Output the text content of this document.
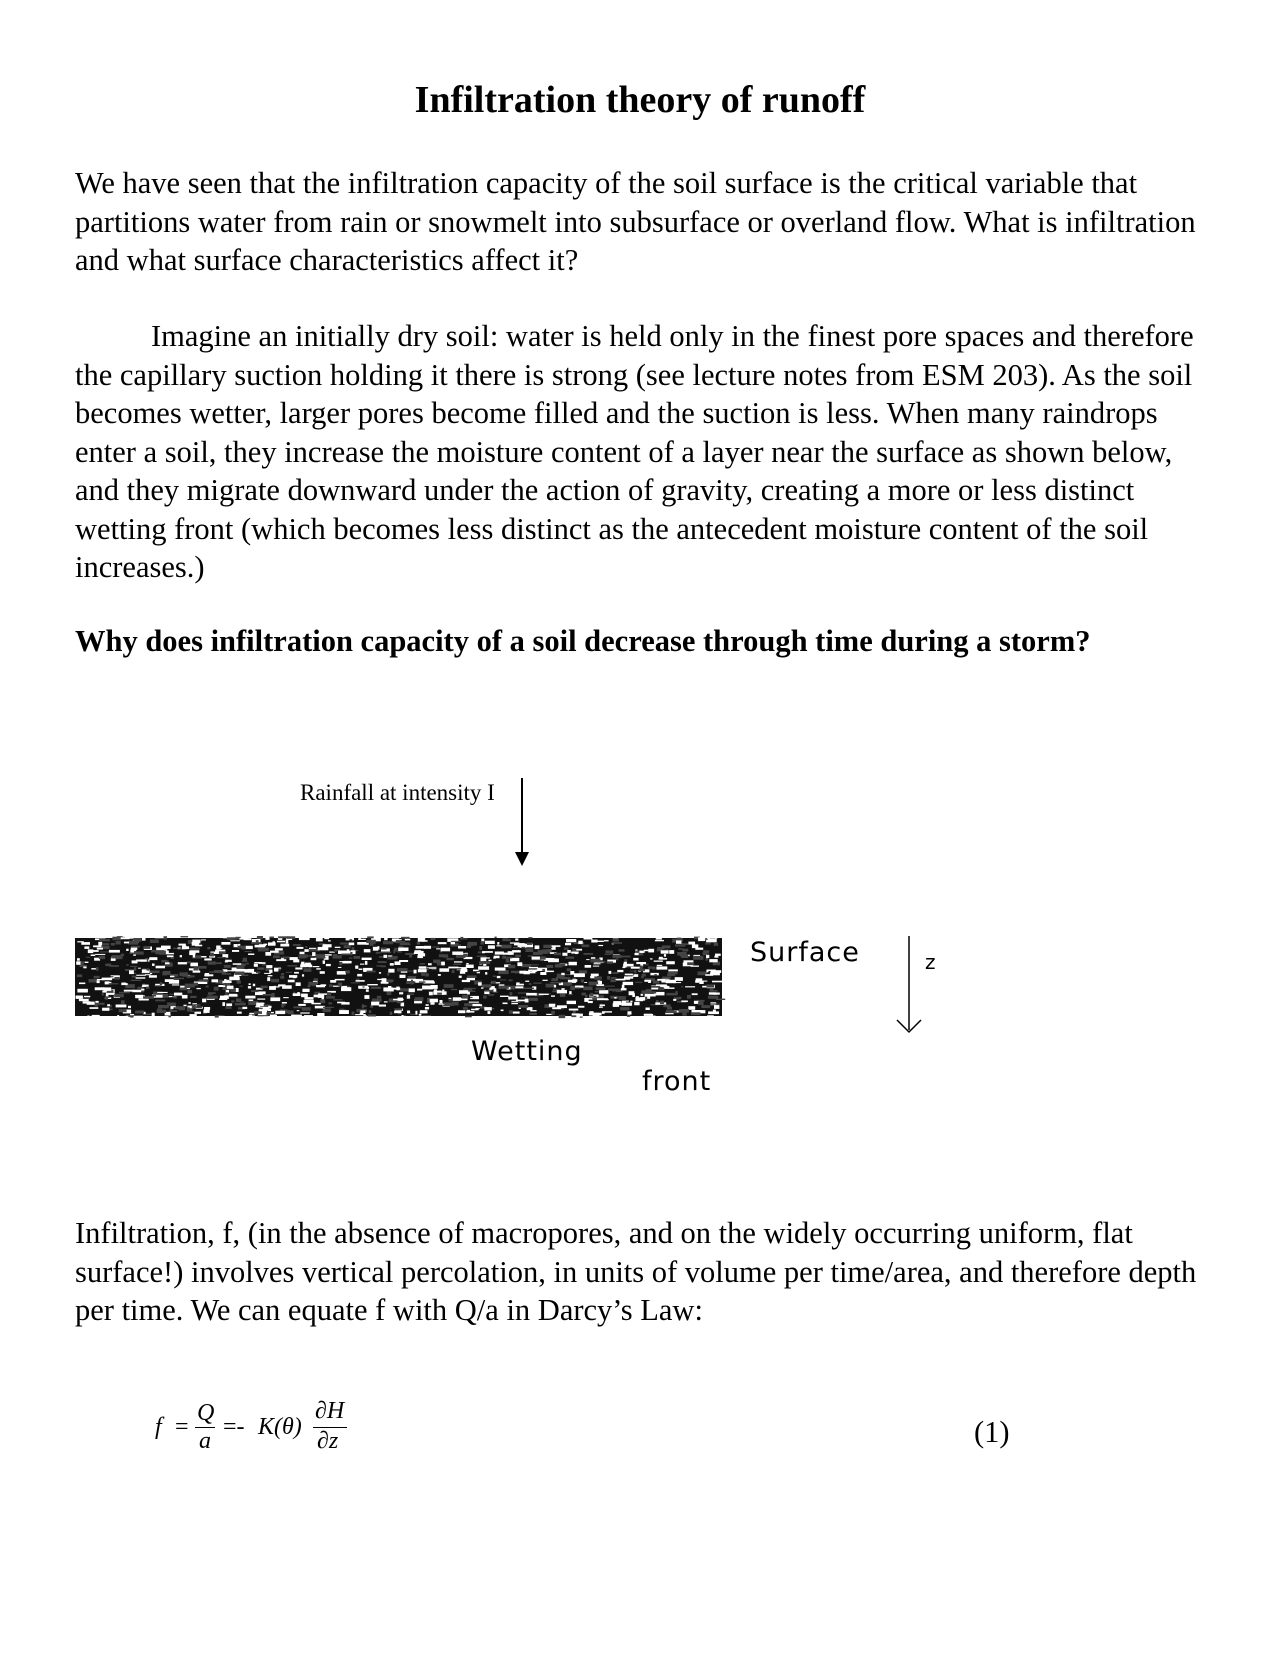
Infiltration theory of runoff

We have seen that the infiltration capacity of the soil surface is the critical variable that partitions water from rain or snowmelt into subsurface or overland flow. What is infiltration and what surface characteristics affect it?

Imagine an initially dry soil: water is held only in the finest pore spaces and therefore the capillary suction holding it there is strong (see lecture notes from ESM 203). As the soil becomes wetter, larger pores become filled and the suction is less. When many raindrops enter a soil, they increase the moisture content of a layer near the surface as shown below, and they migrate downward under the action of gravity, creating a more or less distinct wetting front (which becomes less distinct as the antecedent moisture content of the soil increases.)

Why does infiltration capacity of a soil decrease through time during a storm?

Rainfall at intensity I
Surface	z
Wetting
front

Infiltration, f, (in the absence of macropores, and on the widely occurring uniform, flat surface!) involves vertical percolation, in units of volume per time/area, and therefore depth per time. We can equate f with Q/a in Darcy’s Law:

f =
Q
a
=- K(θ)
∂H
∂z	(1)
